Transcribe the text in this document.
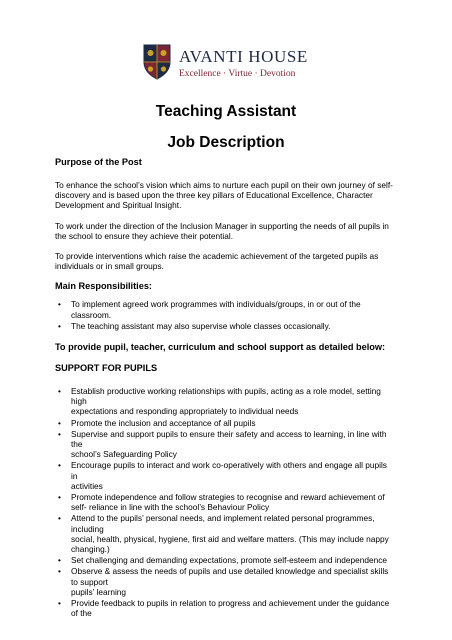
AVANTI HOUSE
Excellence · Virtue · Devotion
Teaching Assistant
Job Description

Purpose of the Post

To enhance the school’s vision which aims to nurture each pupil on their own journey of self-
discovery and is based upon the three key pillars of Educational Excellence, Character
Development and Spiritual Insight.

To work under the direction of the Inclusion Manager in supporting the needs of all pupils in
the school to ensure they achieve their potential.

To provide interventions which raise the academic achievement of the targeted pupils as
individuals or in small groups.

Main Responsibilities:

• To implement agreed work programmes with individuals/groups, in or out of the
classroom.
• The teaching assistant may also supervise whole classes occasionally.

To provide pupil, teacher, curriculum and school support as detailed below:

SUPPORT FOR PUPILS

• Establish productive working relationships with pupils, acting as a role model, setting
high
expectations and responding appropriately to individual needs
• Promote the inclusion and acceptance of all pupils
• Supervise and support pupils to ensure their safety and access to learning, in line with
the
school’s Safeguarding Policy
• Encourage pupils to interact and work co-operatively with others and engage all pupils
in
activities
• Promote independence and follow strategies to recognise and reward achievement of
self- reliance in line with the school’s Behaviour Policy
• Attend to the pupils’ personal needs, and implement related personal programmes,
including
social, health, physical, hygiene, first aid and welfare matters. (This may include nappy
changing.)
• Set challenging and demanding expectations, promote self-esteem and independence
• Observe & assess the needs of pupils and use detailed knowledge and specialist skills
to support
pupils’ learning
• Provide feedback to pupils in relation to progress and achievement under the guidance
of the
